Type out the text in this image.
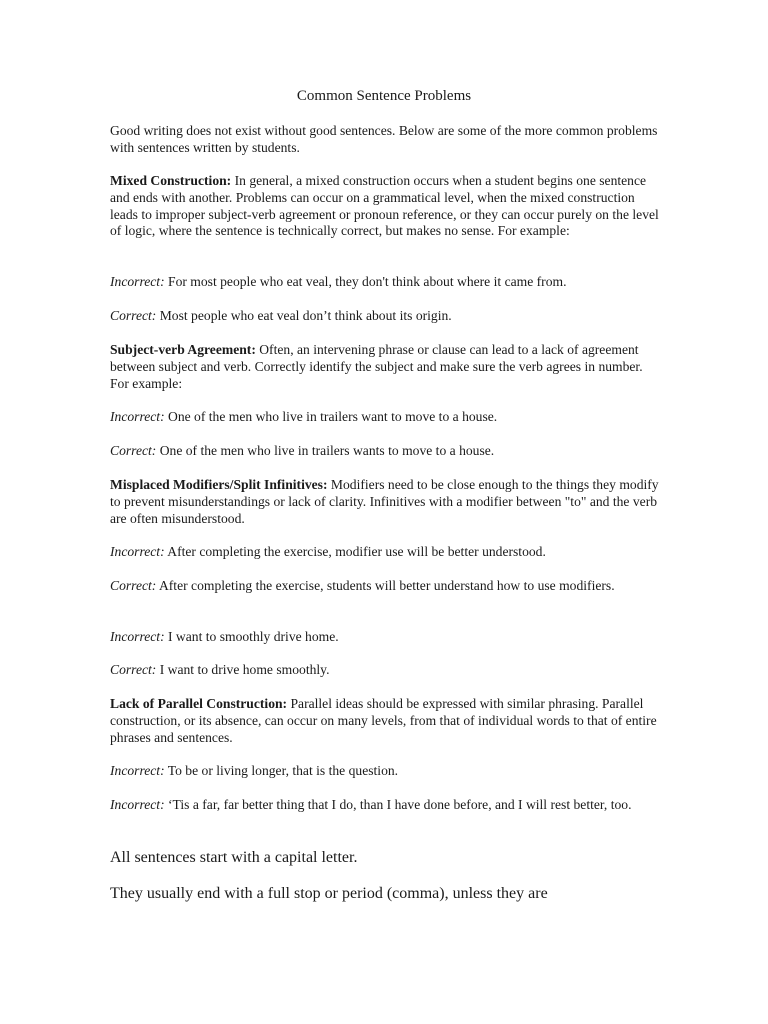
Common Sentence Problems

Good writing does not exist without good sentences. Below are some of the more common problems with sentences written by students.

Mixed Construction: In general, a mixed construction occurs when a student begins one sentence and ends with another. Problems can occur on a grammatical level, when the mixed construction leads to improper subject-verb agreement or pronoun reference, or they can occur purely on the level of logic, where the sentence is technically correct, but makes no sense. For example:

Incorrect: For most people who eat veal, they don't think about where it came from.

Correct: Most people who eat veal don’t think about its origin.

Subject-verb Agreement: Often, an intervening phrase or clause can lead to a lack of agreement between subject and verb. Correctly identify the subject and make sure the verb agrees in number. For example:

Incorrect: One of the men who live in trailers want to move to a house.

Correct: One of the men who live in trailers wants to move to a house.

Misplaced Modifiers/Split Infinitives: Modifiers need to be close enough to the things they modify to prevent misunderstandings or lack of clarity. Infinitives with a modifier between "to" and the verb are often misunderstood.

Incorrect: After completing the exercise, modifier use will be better understood.

Correct: After completing the exercise, students will better understand how to use modifiers.

Incorrect: I want to smoothly drive home.

Correct: I want to drive home smoothly.

Lack of Parallel Construction: Parallel ideas should be expressed with similar phrasing. Parallel construction, or its absence, can occur on many levels, from that of individual words to that of entire phrases and sentences.

Incorrect: To be or living longer, that is the question.

Incorrect: ‘Tis a far, far better thing that I do, than I have done before, and I will rest better, too.

All sentences start with a capital letter.

They usually end with a full stop or period (comma), unless they are
